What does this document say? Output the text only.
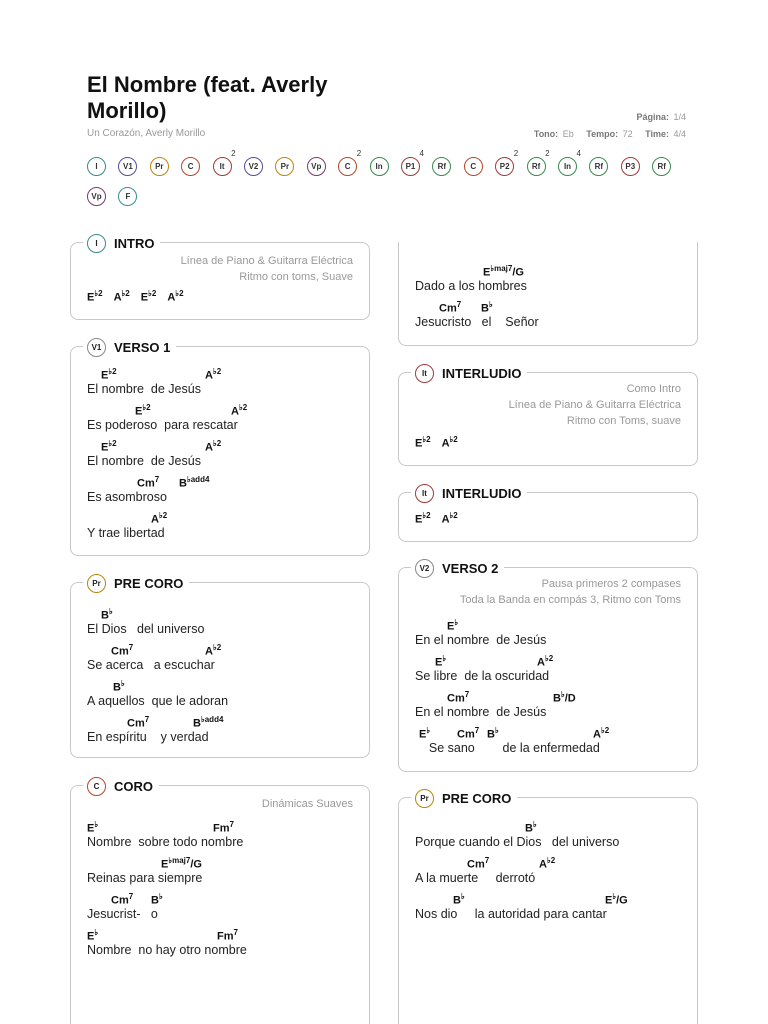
El Nombre (feat. Averly Morillo)
Un Corazón, Averly Morillo
Página: 1/4
Tono: Eb Tempo: 72 Time: 4/4
I	V1	Pr	C	It
2
V2	Pr	Vp	C
2
In	P1
4
Rf	C	P2
2
Rf
2
In
4
Rf	P3	Rf
Vp	F
I	INTRO
Línea de Piano & Guitarra Eléctrica
Ritmo con toms, Suave
$E^{♭2}$   $A^{♭2}$   $E^{♭2}$   $A^{♭2}$
V1 VERSO 1
$E^{♭2}$	$A^{♭2}$
El nombre  de Jesús
$E^{♭2}$	$A^{♭2}$
Es poderoso  para rescatar
$E^{♭2}$	$A^{♭2}$
El nombre  de Jesús
Cm$^7$ $B^{♭add4}$
Es asombroso
$A^{♭2}$
Y trae libertad
Pr	PRE CORO
B♭
El Dios   del universo
Cm$^7$	$A^{♭2}$
Se acerca   a escuchar
B♭
A aquellos  que le adoran
Cm$^7$	$B^{♭add4}$
En espíritu    y verdad
C	CORO
Dinámicas Suaves
E♭	Fm$^7$
Nombre  sobre todo nombre
$E^{♭maj7}/G$
Reinas para siempre
Cm$^7$ B♭
Jesucrist-   o
E♭	Fm$^7$
Nombre  no hay otro nombre
$E^{♭maj7}/G$
Dado a los hombres
Cm$^7$ B♭
Jesucristo   el    Señor
It	INTERLUDIO
Como Intro
Línea de Piano & Guitarra Eléctrica
Ritmo con Toms, suave
$E^{♭2}$   $A^{♭2}$
It	INTERLUDIO
$E^{♭2}$   $A^{♭2}$
V2 VERSO 2
Pausa primeros 2 compases
Toda la Banda en compás 3, Ritmo con Toms
E♭
En el nombre  de Jesús
E♭	$A^{♭2}$
Se libre  de la oscuridad
Cm$^7$	B♭/D
En el nombre  de Jesús
E♭ Cm$^7$ B♭	$A^{♭2}$
Se sano        de la enfermedad
Pr	PRE CORO
B♭
Porque cuando el Dios   del universo
Cm$^7$	$A^{♭2}$
A la muerte     derrotó
B♭	E♭/G
Nos dio     la autoridad para cantar
